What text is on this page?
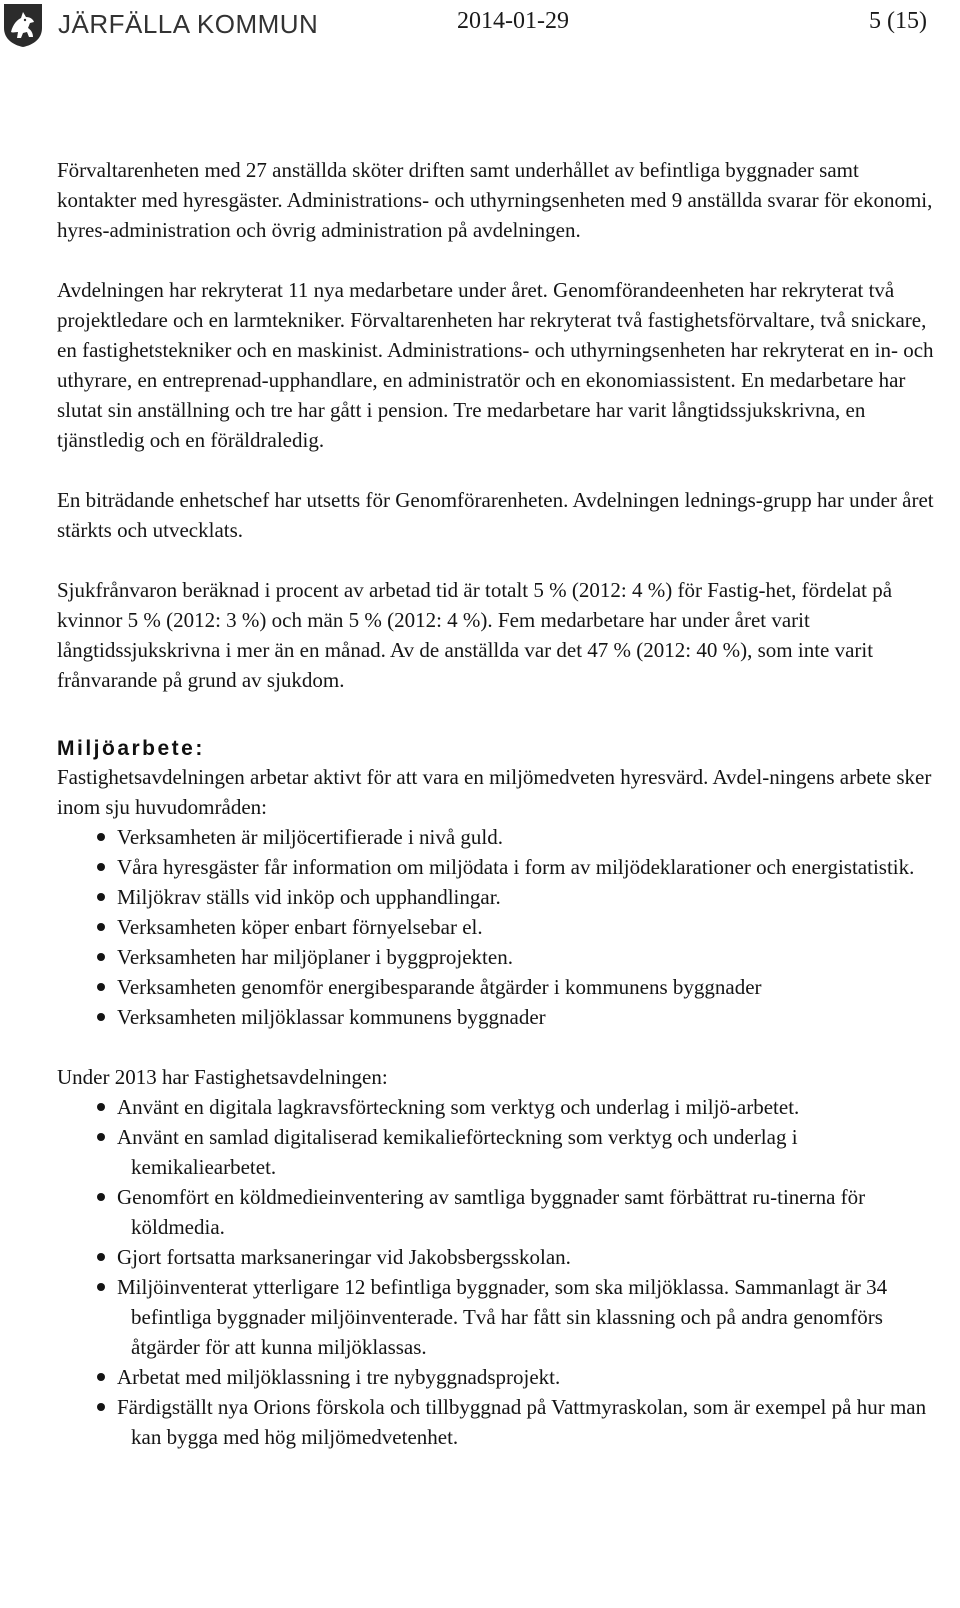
JÄRFÄLLA KOMMUN	2014-01-29	5 (15)

Förvaltarenheten med 27 anställda sköter driften samt underhållet av befintliga byggnader samt kontakter med hyresgäster. Administrations- och uthyrningsenheten med 9 anställda svarar för ekonomi, hyres-administration och övrig administration på avdelningen.

Avdelningen har rekryterat 11 nya medarbetare under året. Genomförandeenheten har rekryterat två projektledare och en larmtekniker. Förvaltarenheten har rekryterat två fastighetsförvaltare, två snickare, en fastighetstekniker och en maskinist. Administrations- och uthyrningsenheten har rekryterat en in- och uthyrare, en entreprenad-upphandlare, en administratör och en ekonomiassistent. En medarbetare har slutat sin anställning och tre har gått i pension. Tre medarbetare har varit långtidssjukskrivna, en tjänstledig och en föräldraledig.

En biträdande enhetschef har utsetts för Genomförarenheten. Avdelningen lednings-grupp har under året stärkts och utvecklats.

Sjukfrånvaron beräknad i procent av arbetad tid är totalt 5 % (2012: 4 %) för Fastig-het, fördelat på kvinnor 5 % (2012: 3 %) och män 5 % (2012: 4 %). Fem medarbetare har under året varit långtidssjukskrivna i mer än en månad. Av de anställda var det 47 % (2012: 40 %), som inte varit frånvarande på grund av sjukdom.

Miljöarbete:

Fastighetsavdelningen arbetar aktivt för att vara en miljömedveten hyresvärd. Avdel-ningens arbete sker inom sju huvudområden:

Verksamheten är miljöcertifierade i nivå guld.
Våra hyresgäster får information om miljödata i form av miljödeklarationer och energistatistik.
Miljökrav ställs vid inköp och upphandlingar.
Verksamheten köper enbart förnyelsebar el.
Verksamheten har miljöplaner i byggprojekten.
Verksamheten genomför energibesparande åtgärder i kommunens byggnader
Verksamheten miljöklassar kommunens byggnader

Under 2013 har Fastighetsavdelningen:

Använt en digitala lagkravsförteckning som verktyg och underlag i miljö-arbetet.
Använt en samlad digitaliserad kemikalieförteckning som verktyg och underlag i kemikaliearbetet.
Genomfört en köldmedieinventering av samtliga byggnader samt förbättrat ru-tinerna för köldmedia.
Gjort fortsatta marksaneringar vid Jakobsbergsskolan.
Miljöinventerat ytterligare 12 befintliga byggnader, som ska miljöklassa. Sammanlagt är 34 befintliga byggnader miljöinventerade. Två har fått sin klassning och på andra genomförs åtgärder för att kunna miljöklassas.
Arbetat med miljöklassning i tre nybyggnadsprojekt.
Färdigställt nya Orions förskola och tillbyggnad på Vattmyraskolan, som är exempel på hur man kan bygga med hög miljömedvetenhet.
